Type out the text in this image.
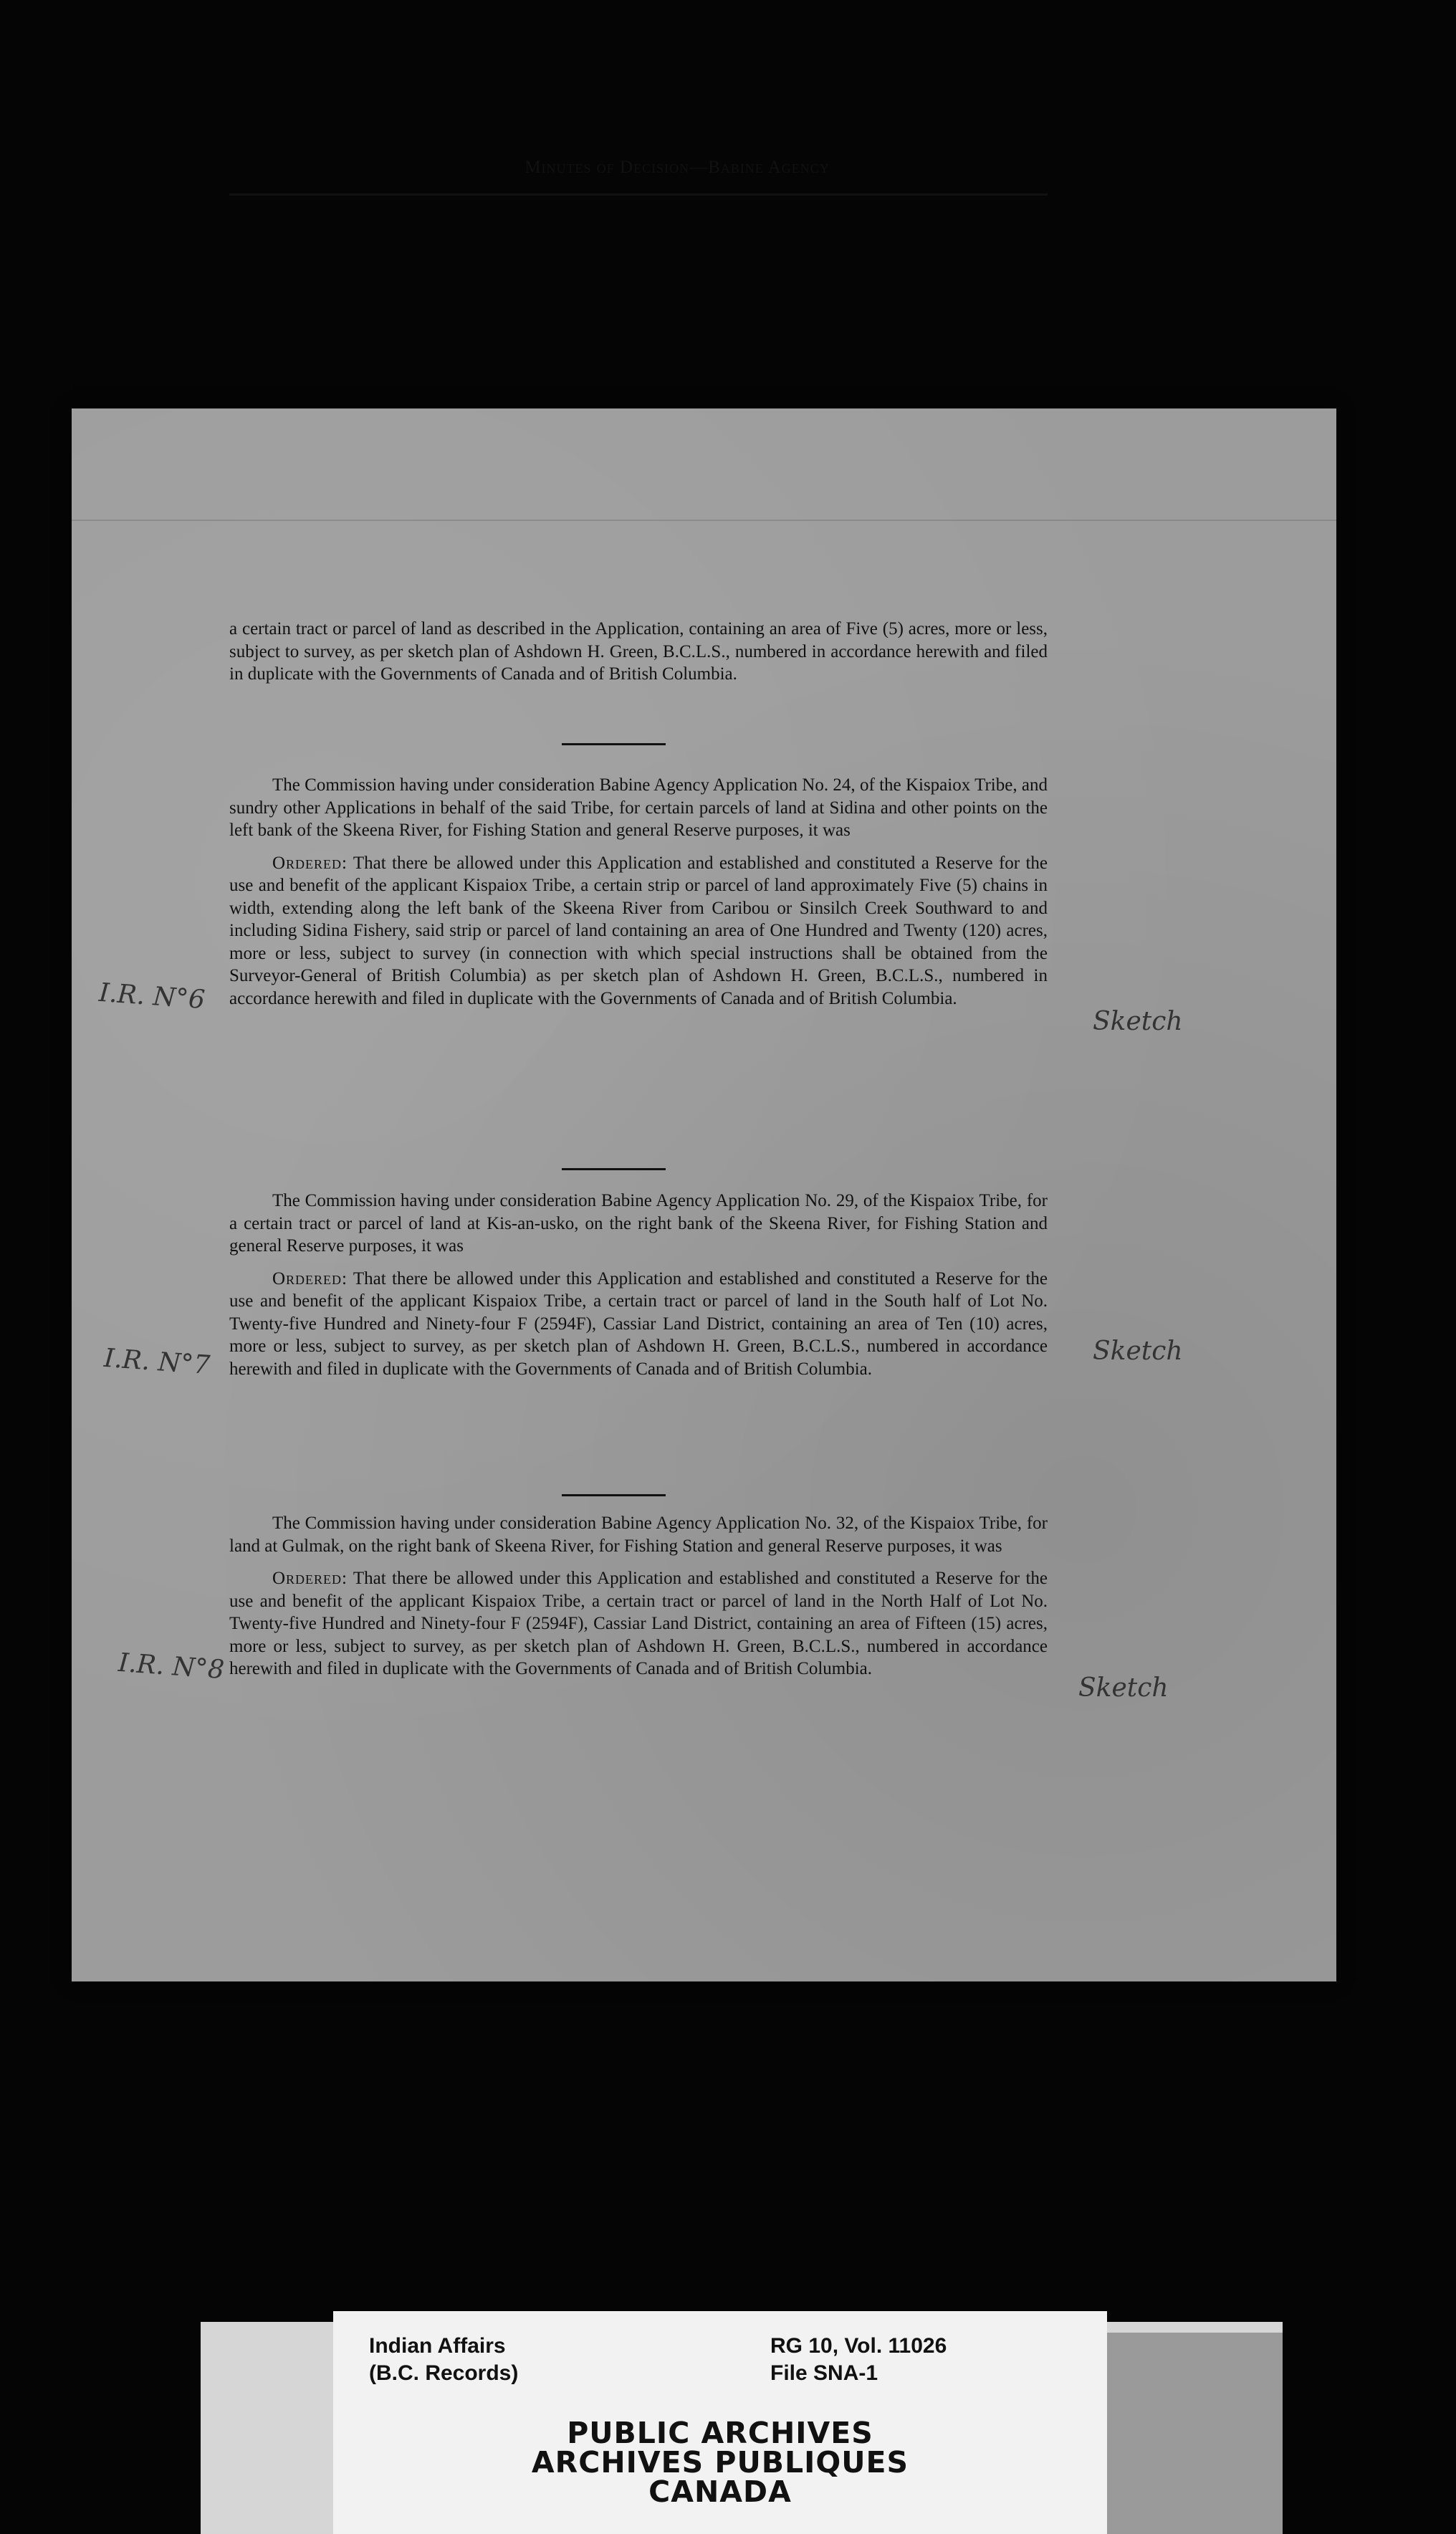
Minutes of Decision—Babine Agency

a certain tract or parcel of land as described in the Application, containing an area of Five (5) acres, more or less, subject to survey, as per sketch plan of Ashdown H. Green, B.C.L.S., numbered in accordance herewith and filed in duplicate with the Governments of Canada and of British Columbia.

The Commission having under consideration Babine Agency Application No. 24, of the Kispaiox Tribe, and sundry other Applications in behalf of the said Tribe, for certain parcels of land at Sidina and other points on the left bank of the Skeena River, for Fishing Station and general Reserve purposes, it was

Ordered: That there be allowed under this Application and established and constituted a Reserve for the use and benefit of the applicant Kispaiox Tribe, a certain strip or parcel of land approximately Five (5) chains in width, extending along the left bank of the Skeena River from Caribou or Sinsilch Creek Southward to and including Sidina Fishery, said strip or parcel of land containing an area of One Hundred and Twenty (120) acres, more or less, subject to survey (in connection with which special instructions shall be obtained from the Surveyor-General of British Columbia) as per sketch plan of Ashdown H. Green, B.C.L.S., numbered in accordance herewith and filed in duplicate with the Governments of Canada and of British Columbia.

The Commission having under consideration Babine Agency Application No. 29, of the Kispaiox Tribe, for a certain tract or parcel of land at Kis-an-usko, on the right bank of the Skeena River, for Fishing Station and general Reserve purposes, it was

Ordered: That there be allowed under this Application and established and constituted a Reserve for the use and benefit of the applicant Kispaiox Tribe, a certain tract or parcel of land in the South half of Lot No. Twenty-five Hundred and Ninety-four F (2594F), Cassiar Land District, containing an area of Ten (10) acres, more or less, subject to survey, as per sketch plan of Ashdown H. Green, B.C.L.S., numbered in accordance herewith and filed in duplicate with the Governments of Canada and of British Columbia.

The Commission having under consideration Babine Agency Application No. 32, of the Kispaiox Tribe, for land at Gulmak, on the right bank of Skeena River, for Fishing Station and general Reserve purposes, it was

Ordered: That there be allowed under this Application and established and constituted a Reserve for the use and benefit of the applicant Kispaiox Tribe, a certain tract or parcel of land in the North Half of Lot No. Twenty-five Hundred and Ninety-four F (2594F), Cassiar Land District, containing an area of Fifteen (15) acres, more or less, subject to survey, as per sketch plan of Ashdown H. Green, B.C.L.S., numbered in accordance herewith and filed in duplicate with the Governments of Canada and of British Columbia.

I.R. N°6
Sketch
I.R. N°7	Sketch
I.R. N°8
Sketch
Indian Affairs
(B.C. Records)
RG 10, Vol. 11026
File SNA-1
PUBLIC ARCHIVES
ARCHIVES PUBLIQUES
CANADA
